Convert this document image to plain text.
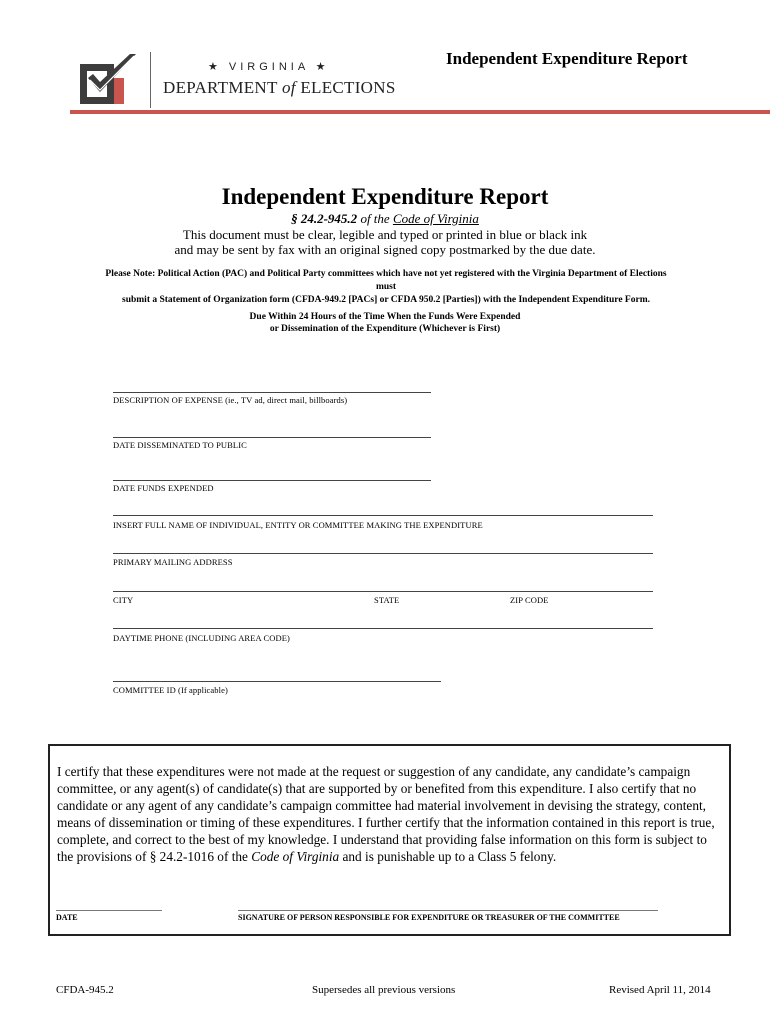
★ VIRGINIA ★
DEPARTMENT of ELECTIONS
Independent Expenditure Report
Independent Expenditure Report
§ 24.2-945.2 of the Code of Virginia
This document must be clear, legible and typed or printed in blue or black ink
and may be sent by fax with an original signed copy postmarked by the due date.
Please Note: Political Action (PAC) and Political Party committees which have not yet registered with the Virginia Department of Elections must
submit a Statement of Organization form (CFDA-949.2 [PACs] or CFDA 950.2 [Parties]) with the Independent Expenditure Form.
Due Within 24 Hours of the Time When the Funds Were Expended
or Dissemination of the Expenditure (Whichever is First)
DESCRIPTION OF EXPENSE (ie., TV ad, direct mail, billboards)
DATE DISSEMINATED TO PUBLIC
DATE FUNDS EXPENDED
INSERT FULL NAME OF INDIVIDUAL, ENTITY OR COMMITTEE MAKING THE EXPENDITURE
PRIMARY MAILING ADDRESS
CITY	STATE	ZIP CODE
DAYTIME PHONE (INCLUDING AREA CODE)
COMMITTEE ID (If applicable)
I certify that these expenditures were not made at the request or suggestion of any candidate, any candidate’s campaign committee, or any agent(s) of candidate(s) that are supported by or benefited from this expenditure. I also certify that no candidate or any agent of any candidate’s campaign committee had material involvement in devising the strategy, content, means of dissemination or timing of these expenditures. I further certify that the information contained in this report is true, complete, and correct to the best of my knowledge. I understand that providing false information on this form is subject to the provisions of § 24.2-1016 of the Code of Virginia and is punishable up to a Class 5 felony.
DATE	SIGNATURE OF PERSON RESPONSIBLE FOR EXPENDITURE OR TREASURER OF THE COMMITTEE
CFDA-945.2	Supersedes all previous versions	Revised April 11, 2014
